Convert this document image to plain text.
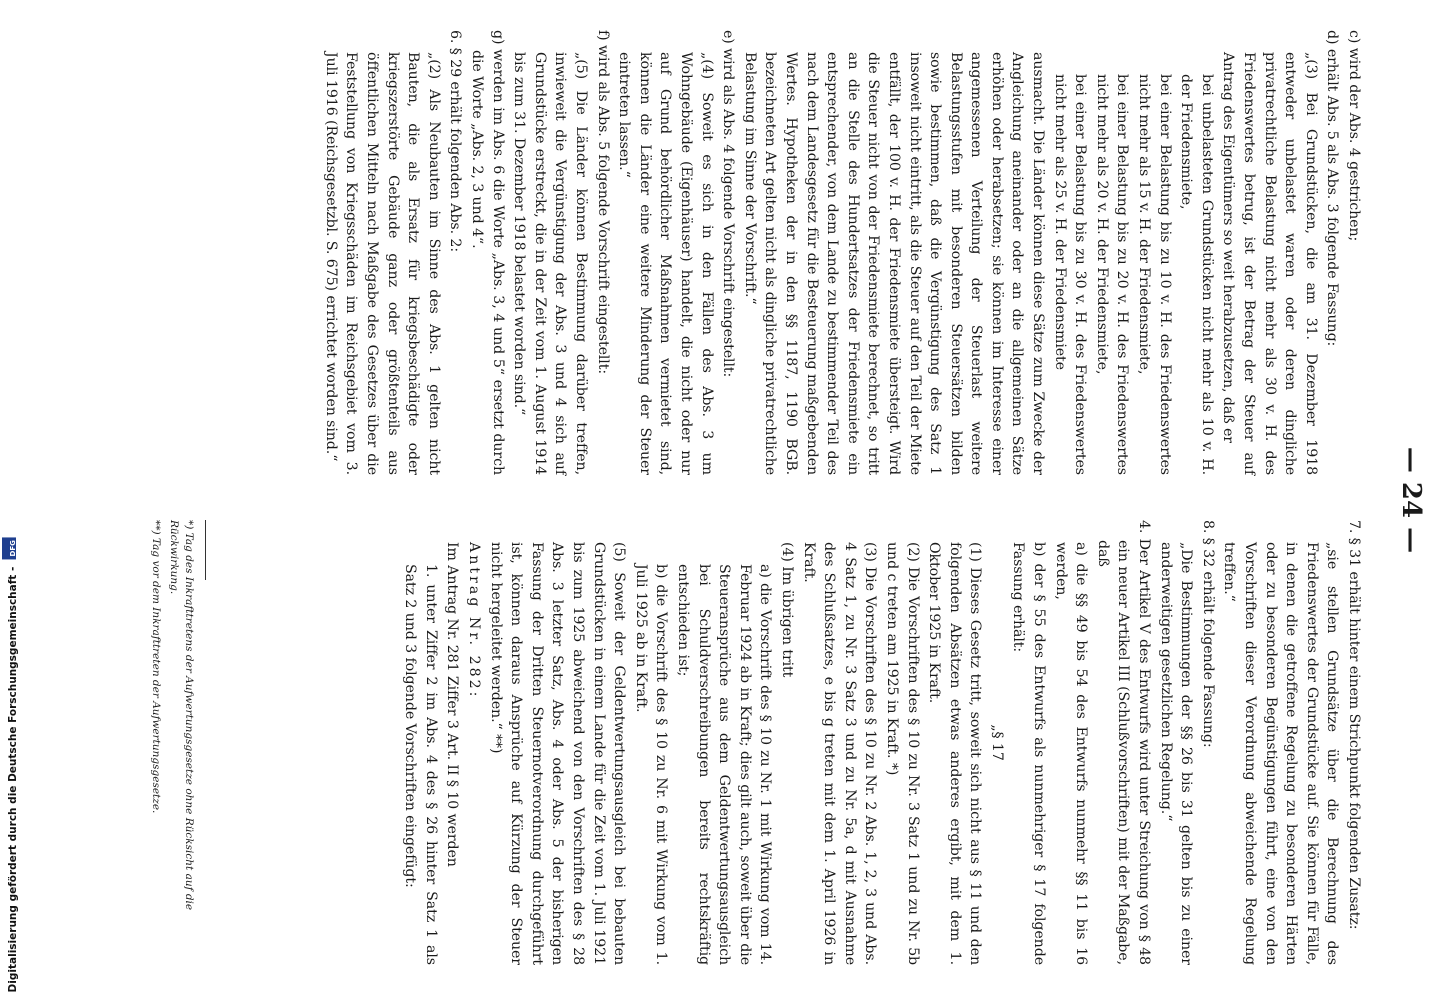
— 24 —

c) wird der Abs. 4 gestrichen;

d) erhält Abs. 5 als Abs. 3 folgende Fassung:

„(3) Bei Grundstücken, die am 31. Dezember 1918 entweder unbelastet waren oder deren dingliche privatrechtliche Belastung nicht mehr als 30 v. H. des Friedenswertes betrug, ist der Betrag der Steuer auf Antrag des Eigentümers so weit herabzusetzen, daß er

bei unbelasteten Grundstücken nicht mehr als 10 v. H. der Friedensmiete,

bei einer Belastung bis zu 10 v. H. des Friedenswertes nicht mehr als 15 v. H. der Friedensmiete,

bei einer Belastung bis zu 20 v. H. des Friedenswertes nicht mehr als 20 v. H. der Friedensmiete,

bei einer Belastung bis zu 30 v. H. des Friedenswertes nicht mehr als 25 v. H. der Friedensmiete

ausmacht. Die Länder können diese Sätze zum Zwecke der Angleichung aneinander oder an die allgemeinen Sätze erhöhen oder herabsetzen; sie können im Interesse einer angemessenen Verteilung der Steuerlast weitere Belastungsstufen mit besonderen Steuersätzen bilden sowie bestimmen, daß die Vergünstigung des Satz 1 insoweit nicht eintritt, als die Steuer auf den Teil der Miete entfällt, der 100 v. H. der Friedensmiete übersteigt. Wird die Steuer nicht von der Friedensmiete berechnet, so tritt an die Stelle des Hundertsatzes der Friedensmiete ein entsprechender, von dem Lande zu bestimmender Teil des nach dem Landesgesetz für die Besteuerung maßgebenden Wertes. Hypotheken der in den §§ 1187, 1190 BGB. bezeichneten Art gelten nicht als dingliche privatrechtliche Belastung im Sinne der Vorschrift.“

e) wird als Abs. 4 folgende Vorschrift eingestellt:

„(4) Soweit es sich in den Fällen des Abs. 3 um Wohngebäude (Eigenhäuser) handelt, die nicht oder nur auf Grund behördlicher Maßnahmen vermietet sind, können die Länder eine weitere Minderung der Steuer eintreten lassen.“

f) wird als Abs. 5 folgende Vorschrift eingestellt:

„(5) Die Länder können Bestimmung darüber treffen, inwieweit die Vergünstigung der Abs. 3 und 4 sich auf Grundstücke erstreckt, die in der Zeit vom 1. August 1914 bis zum 31. Dezember 1918 belastet worden sind.“

g) werden im Abs. 6 die Worte „Abs. 3, 4 und 5“ ersetzt durch die Worte „Abs. 2, 3 und 4“.

6. § 29 erhält folgenden Abs. 2:

„(2) Als Neubauten im Sinne des Abs. 1 gelten nicht Bauten, die als Ersatz für kriegsbeschädigte oder kriegszerstörte Gebäude ganz oder größtenteils aus öffentlichen Mitteln nach Maßgabe des Gesetzes über die Feststellung von Kriegsschäden im Reichsgebiet vom 3. Juli 1916 (Reichsgesetzbl. S. 675) errichtet worden sind.“

7. § 31 erhält hinter einem Strichpunkt folgenden Zusatz:

„sie stellen Grundsätze über die Berechnung des Friedenswertes der Grundstücke auf. Sie können für Fälle, in denen die getroffene Regelung zu besonderen Härten oder zu besonderen Begünstigungen führt, eine von den Vorschriften dieser Verordnung abweichende Regelung treffen.“

8. § 32 erhält folgende Fassung:

„Die Bestimmungen der §§ 26 bis 31 gelten bis zu einer anderweitigen gesetzlichen Regelung.“

4. Der Artikel V des Entwurfs wird unter Streichung von § 48 ein neuer Artikel III (Schlußvorschriften) mit der Maßgabe, daß

a) die §§ 49 bis 54 des Entwurfs nunmehr §§ 11 bis 16 werden,

b) der § 55 des Entwurfs als nunmehriger § 17 folgende Fassung erhält:

„§ 17

(1) Dieses Gesetz tritt, soweit sich nicht aus § 11 und den folgenden Absätzen etwas anderes ergibt, mit dem 1. Oktober 1925 in Kraft.

(2) Die Vorschriften des § 10 zu Nr. 3 Satz 1 und zu Nr. 5b und c treten am 1925 in Kraft. *)

(3) Die Vorschriften des § 10 zu Nr. 2 Abs. 1, 2, 3 und Abs. 4 Satz 1, zu Nr. 3 Satz 3 und zu Nr. 5a, d mit Ausnahme des Schlußsatzes, e bis g treten mit dem 1. April 1926 in Kraft.

(4) Im übrigen tritt

a) die Vorschrift des § 10 zu Nr. 1 mit Wirkung vom 14. Februar 1924 ab in Kraft; dies gilt auch, soweit über die Steueransprüche aus dem Geldentwertungsausgleich bei Schuldverschreibungen bereits rechtskräftig entschieden ist;

b) die Vorschrift des § 10 zu Nr. 6 mit Wirkung vom 1. Juli 1925 ab in Kraft.

(5) Soweit der Geldentwertungsausgleich bei bebauten Grundstücken in einem Lande für die Zeit vom 1. Juli 1921 bis zum 1925 abweichend von den Vorschriften des § 28 Abs. 3 letzter Satz, Abs. 4 oder Abs. 5 der bisherigen Fassung der Dritten Steuernotverordnung durchgeführt ist, können daraus Ansprüche auf Kürzung der Steuer nicht hergeleitet werden.“ **)

Antrag Nr. 282:

Im Antrag Nr. 281 Ziffer 3 Art. II § 10 werden

1. unter Ziffer 2 im Abs. 4 des § 26 hinter Satz 1 als Satz 2 und 3 folgende Vorschriften eingefügt:

*) Tag des Inkrafttretens der Aufwertungsgesetze ohne Rücksicht auf die Rückwirkung.

**) Tag vor dem Inkrafttreten der Aufwertungsgesetze.

Digitalisierung gefördert durch die Deutsche Forschungsgemeinschaft - DFG
